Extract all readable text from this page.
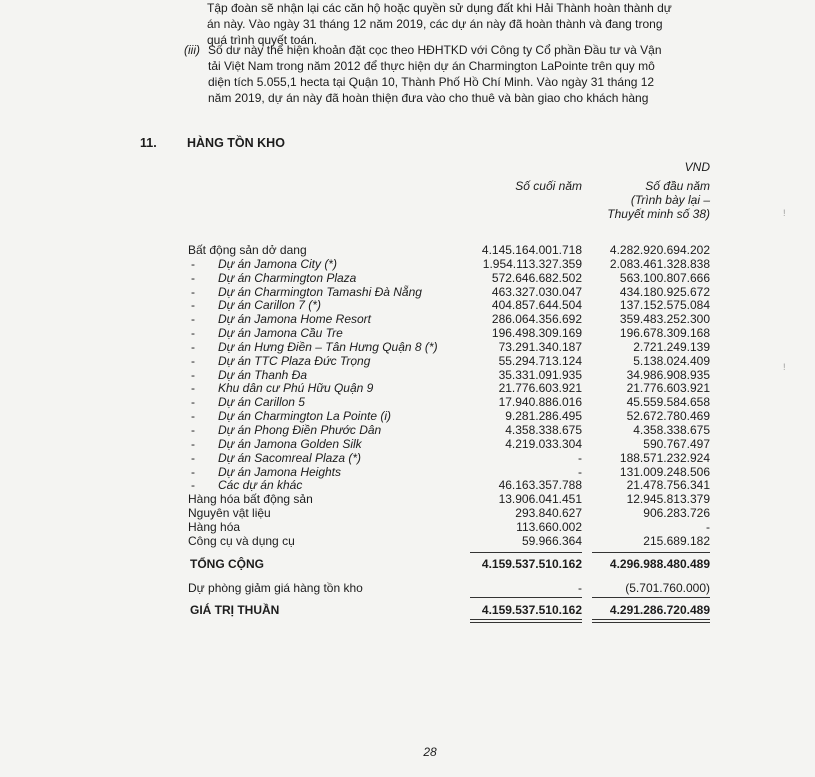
Tập đoàn sẽ nhận lại các căn hộ hoặc quyền sử dụng đất khi Hải Thành hoàn thành dự

án này. Vào ngày 31 tháng 12 năm 2019, các dự án này đã hoàn thành và đang trong

quá trình quyết toán.

(iii) Số dư này thể hiện khoản đặt cọc theo HĐHTKD với Công ty Cổ phần Đầu tư và Vận
tải Việt Nam trong năm 2012 để thực hiện dự án Charmington LaPointe trên quy mô
diện tích 5.055,1 hecta tại Quận 10, Thành Phố Hồ Chí Minh. Vào ngày 31 tháng 12
năm 2019, dự án này đã hoàn thiện đưa vào cho thuê và bàn giao cho khách hàng
11. HÀNG TỒN KHO
VND
Số cuối năm	Số đầu năm
(Trình bày lại –
Thuyết minh số 38)
Bất động sản dở dang	4.145.164.001.718	4.282.920.694.202
- Dự án Jamona City (*)	1.954.113.327.359	2.083.461.328.838
- Dự án Charmington Plaza	572.646.682.502	563.100.807.666
- Dự án Charmington Tamashi Đà Nẵng	463.327.030.047	434.180.925.672
- Dự án Carillon 7 (*)	404.857.644.504	137.152.575.084
- Dự án Jamona Home Resort	286.064.356.692	359.483.252.300
- Dự án Jamona Cầu Tre	196.498.309.169	196.678.309.168
- Dự án Hưng Điền – Tân Hưng Quận 8 (*)	73.291.340.187	2.721.249.139
- Dự án TTC Plaza Đức Trọng	55.294.713.124	5.138.024.409
- Dự án Thanh Đa	35.331.091.935	34.986.908.935
- Khu dân cư Phú Hữu Quận 9	21.776.603.921	21.776.603.921
- Dự án Carillon 5	17.940.886.016	45.559.584.658
- Dự án Charmington La Pointe (i)	9.281.286.495	52.672.780.469
- Dự án Phong Điền Phước Dân	4.358.338.675	4.358.338.675
- Dự án Jamona Golden Silk	4.219.033.304	590.767.497
- Dự án Sacomreal Plaza (*)	-	188.571.232.924
- Dự án Jamona Heights	-	131.009.248.506
- Các dự án khác	46.163.357.788	21.478.756.341
Hàng hóa bất động sản	13.906.041.451	12.945.813.379
Nguyên vật liệu	293.840.627	906.283.726
Hàng hóa	113.660.002	-
Công cụ và dụng cụ	59.966.364	215.689.182
TỔNG CỘNG	4.159.537.510.162	4.296.988.480.489
Dự phòng giảm giá hàng tồn kho	-	(5.701.760.000)
GIÁ TRỊ THUẦN	4.159.537.510.162	4.291.286.720.489
28
!
!
